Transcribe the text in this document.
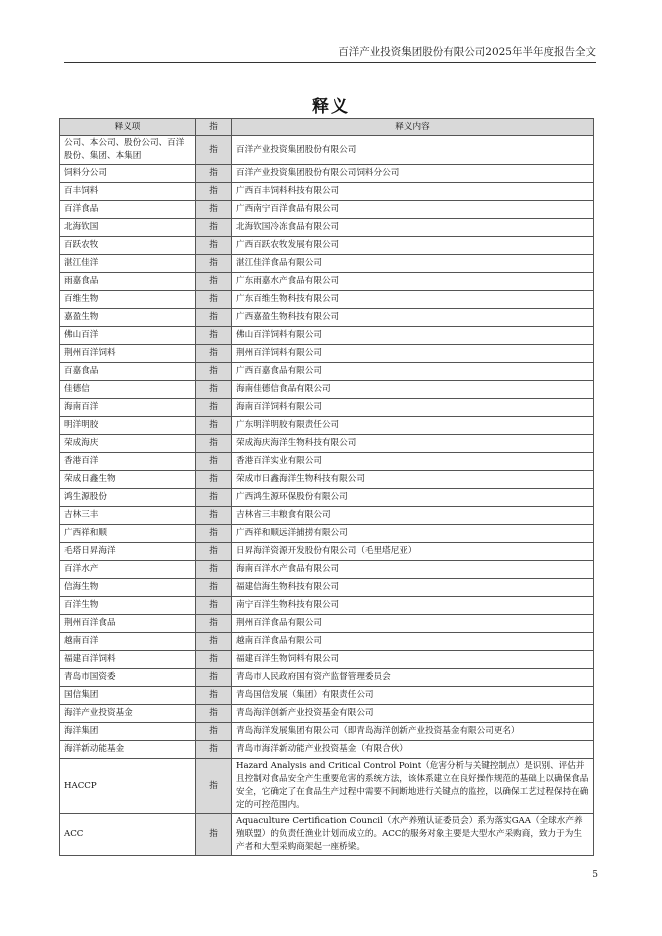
百洋产业投资集团股份有限公司2025年半年度报告全文
释义
释义项	指	释义内容
公司、本公司、股份公司、百洋股份、集团、本集团	指	百洋产业投资集团股份有限公司
饲料分公司	指	百洋产业投资集团股份有限公司饲料分公司
百丰饲料	指	广西百丰饲料科技有限公司
百洋食品	指	广西南宁百洋食品有限公司
北海钦国	指	北海钦国冷冻食品有限公司
百跃农牧	指	广西百跃农牧发展有限公司
湛江佳洋	指	湛江佳洋食品有限公司
雨嘉食品	指	广东雨嘉水产食品有限公司
百维生物	指	广东百维生物科技有限公司
嘉盈生物	指	广西嘉盈生物科技有限公司
佛山百洋	指	佛山百洋饲料有限公司
荆州百洋饲料	指	荆州百洋饲料有限公司
百嘉食品	指	广西百嘉食品有限公司
佳德信	指	海南佳德信食品有限公司
海南百洋	指	海南百洋饲料有限公司
明洋明胶	指	广东明洋明胶有限责任公司
荣成海庆	指	荣成海庆海洋生物科技有限公司
香港百洋	指	香港百洋实业有限公司
荣成日鑫生物	指	荣成市日鑫海洋生物科技有限公司
鸿生源股份	指	广西鸿生源环保股份有限公司
吉林三丰	指	吉林省三丰粮食有限公司
广西祥和顺	指	广西祥和顺远洋捕捞有限公司
毛塔日昇海洋	指	日昇海洋资源开发股份有限公司（毛里塔尼亚）
百洋水产	指	海南百洋水产食品有限公司
信海生物	指	福建信海生物科技有限公司
百洋生物	指	南宁百洋生物科技有限公司
荆州百洋食品	指	荆州百洋食品有限公司
越南百洋	指	越南百洋食品有限公司
福建百洋饲料	指	福建百洋生物饲料有限公司
青岛市国资委	指	青岛市人民政府国有资产监督管理委员会
国信集团	指	青岛国信发展（集团）有限责任公司
海洋产业投资基金	指	青岛海洋创新产业投资基金有限公司
海洋集团	指	青岛海洋发展集团有限公司（即青岛海洋创新产业投资基金有限公司更名）
海洋新动能基金	指	青岛市海洋新动能产业投资基金（有限合伙）
HACCP	指	Hazard Analysis and Critical Control Point（危害分析与关键控制点）是识别、评估并且控制对食品安全产生重要危害的系统方法，该体系建立在良好操作规范的基础上以确保食品安全，它确定了在食品生产过程中需要不间断地进行关键点的监控，以确保工艺过程保持在确定的可控范围内。
ACC	指	Aquaculture Certification Council（水产养殖认证委员会）系为落实GAA（全球水产养殖联盟）的负责任渔业计划而成立的。ACC的服务对象主要是大型水产采购商，致力于为生产者和大型采购商架起一座桥梁。
5
